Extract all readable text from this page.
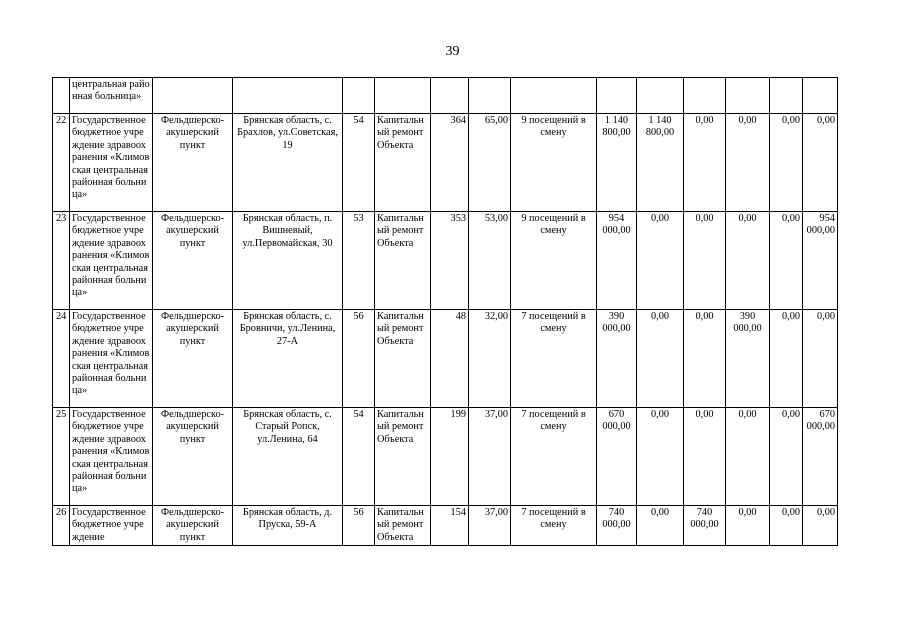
39
	центральная районная больница»													
22	Государственное бюджетное учреждение здравоохранения «Климовская центральная районная больница»	Фельдшерско-акушерский пункт	Брянская область, с. Брахлов, ул.Советская, 19	54	Капитальный ремонт Объекта	364	65,00	9 посещений в смену	1 140 800,00	1 140 800,00	0,00	0,00	0,00	0,00
23	Государственное бюджетное учреждение здравоохранения «Климовская центральная районная больница»	Фельдшерско-акушерский пункт	Брянская область, п. Вишневый, ул.Первомайская, 30	53	Капитальный ремонт Объекта	353	53,00	9 посещений в смену	954 000,00	0,00	0,00	0,00	0,00	954 000,00
24	Государственное бюджетное учреждение здравоохранения «Климовская центральная районная больница»	Фельдшерско-акушерский пункт	Брянская область, с. Бровничи, ул.Ленина, 27-А	56	Капитальный ремонт Объекта	48	32,00	7 посещений в смену	390 000,00	0,00	0,00	390 000,00	0,00	0,00
25	Государственное бюджетное учреждение здравоохранения «Климовская центральная районная больница»	Фельдшерско-акушерский пункт	Брянская область, с. Старый Ропск, ул.Ленина, 64	54	Капитальный ремонт Объекта	199	37,00	7 посещений в смену	670 000,00	0,00	0,00	0,00	0,00	670 000,00
26	Государственное бюджетное учреждение	Фельдшерско-акушерский пункт	Брянская область, д. Пруска, 59-А	56	Капитальный ремонт Объекта	154	37,00	7 посещений в смену	740 000,00	0,00	740 000,00	0,00	0,00	0,00
